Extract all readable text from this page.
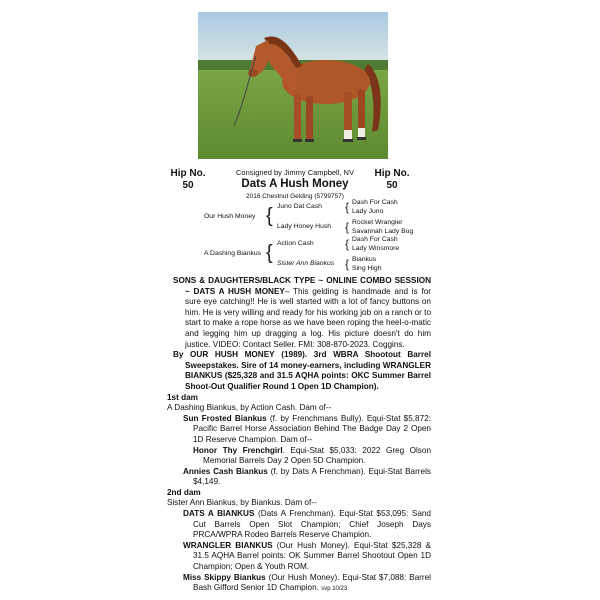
Hip No.
50
Hip No.
50
Consigned by Jimmy Campbell, NV
Dats A Hush Money
2016 Chestnut Gelding (5799757)
Our Hush Money { Juno Dat Cash
Lady Honey Hush
{ Dash For Cash
Lady Juno
{ Rocket Wrangler
Savannah Lady Bug
A Dashing Biankus { Action Cash
Sister Ann Biankus
{ Dash For Cash
Lady Winsmore
{ Biankus
Sing High

SONS & DAUGHTERS/BLACK TYPE ~ ONLINE COMBO SESSION ~ DATS A HUSH MONEY– This gelding is handmade and is for sure eye catching!! He is well started with a lot of fancy buttons on him. He is very willing and ready for his working job on a ranch or to start to make a rope horse as we have been roping the heel-o-matic and legging him up dragging a log. His picture doesn't do him justice. VIDEO: Contact Seller. FMI: 308-870-2023. Coggins.

By OUR HUSH MONEY (1989). 3rd WBRA Shootout Barrel Sweepstakes. Sire of 14 money-earners, including WRANGLER BIANKUS ($25,328 and 31.5 AQHA points: OKC Summer Barrel Shoot-Out Qualifier Round 1 Open 1D Champion).

1st dam

A Dashing Biankus, by Action Cash. Dam of--

Sun Frosted Biankus (f. by Frenchmans Bully). Equi-Stat $5,872: Pacific Barrel Horse Association Behind The Badge Day 2 Open 1D Reserve Champion. Dam of--

Honor Thy Frenchgirl. Equi-Stat $5,033: 2022 Greg Olson Memorial Barrels Day 2 Open 5D Champion.

Annies Cash Biankus (f. by Dats A Frenchman). Equi-Stat Barrels $4,149.

2nd dam

Sister Ann Biankus, by Biankus. Dam of--

DATS A BIANKUS (Dats A Frenchman). Equi-Stat $53,095: Sand Cut Barrels Open Slot Champion; Chief Joseph Days PRCA/WPRA Rodeo Barrels Reserve Champion.

WRANGLER BIANKUS (Our Hush Money). Equi-Stat $25,328 & 31.5 AQHA Barrel points: OK Summer Barrel Shootout Open 1D Champion; Open & Youth ROM.

Miss Skippy Biankus (Our Hush Money). Equi-Stat $7,088: Barrel Bash Gifford Senior 1D Champion. svp 10/23
